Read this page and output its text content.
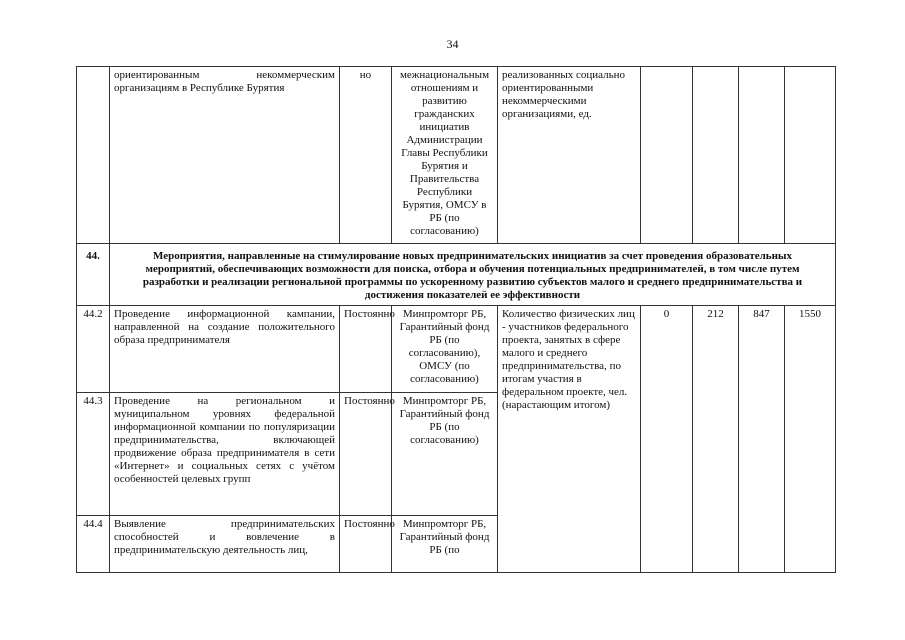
34
	ориентированным некоммерческим организациям в Республике Бурятия	но	межнациональным отношениям и развитию гражданских инициатив Администрации Главы Республики Бурятия и Правительства Республики Бурятия, ОМСУ в РБ (по согласованию)	реализованных социально ориентированными некоммерческими организациями, ед.				
44.	Мероприятия, направленные на стимулирование новых предпринимательских инициатив за счет проведения образовательных мероприятий, обеспечивающих возможности для поиска, отбора и обучения потенциальных предпринимателей, в том числе путем разработки и реализации региональной программы по ускоренному развитию субъектов малого и среднего предпринимательства и достижения показателей ее эффективности							
44.2	Проведение информационной кампании, направленной на создание положительного образа предпринимателя	Постоянно	Минпромторг РБ, Гарантийный фонд РБ (по согласованию), ОМСУ (по согласованию)	Количество физических лиц - участников федерального проекта, занятых в сфере малого и среднего предпринимательства, по итогам участия в федеральном проекте, чел. (нарастающим итогом)	0	212	847	1550
44.3	Проведение на региональном и муниципальном уровнях федеральной информационной компании по популяризации предпринимательства, включающей продвижение образа предпринимателя в сети «Интернет» и социальных сетях с учётом особенностей целевых групп	Постоянно	Минпромторг РБ, Гарантийный фонд РБ (по согласованию)					
44.4	Выявление предпринимательских способностей и вовлечение в предпринимательскую деятельность лиц,	Постоянно	Минпромторг РБ, Гарантийный фонд РБ (по					
